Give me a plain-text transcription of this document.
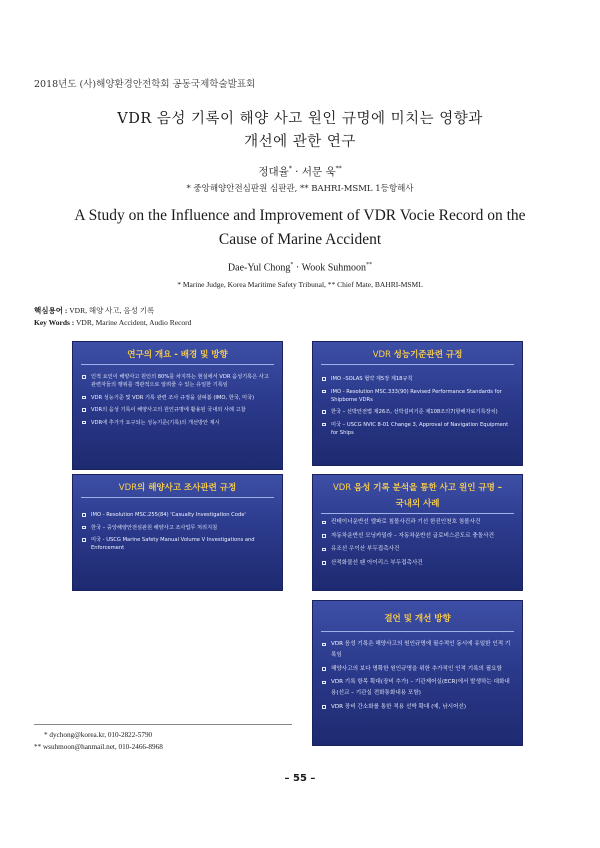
2018년도 (사)해양환경안전학회 공동국제학술발표회
VDR 음성 기록이 해양 사고 원인 규명에 미치는 영향과
개선에 관한 연구
정대율* · 서문 욱**
* 중앙해양안전심판원 심판관, ** BAHRI-MSML 1등항해사
A Study on the Influence and Improvement of VDR Vocie Record on the
Cause of Marine Accident
Dae-Yul Chong* · Wook Suhmoon**
* Marine Judge, Korea Maritime Safety Tribunal, ** Chief Mate, BAHRI-MSML
핵심용어 : VDR, 해양 사고, 음성 기록
Key Words : VDR, Marine Accident, Audio Record
연구의 개요 - 배경 및 방향
인적 요인이 해양사고 원인의 80%를 차지하는 현실에서 VDR 음성기록은 사고 관련자들의 행위를 객관적으로 알려줄 수 있는 유일한 기록임
VDR 성능기준 및 VDR 기록 관련 조사 규정을 살펴봄 (IMO, 한국, 미국)
VDR의 음성 기록이 해양사고의 원인규명에 활용된 국내외 사례 고찰
VDR에 추가가 요구되는 성능기준(기록)의 개선방안 제시
VDR 성능기준관련 규정
IMO –SOLAS 협약 제5장 제18규칙
IMO - Resolution MSC.333(90) Revised Performance Standards for Shipborne VDRs
한국 – 선박안전법 제26조, 선박설비기준 제108조의7(항해자료기록장치)
미국 – USCG NVIC 8-01 Change 3, Approval of Navigation Equipment for Ships
VDR의 해양사고 조사관련 규정
IMO - Resolution MSC.255(84) 'Casualty Investigation Code'
한국 – 중앙해양안전심판원 해양사고 조사업무 처리지침
미국 - USCG Marine Safety Manual Volume V Investigations and Enforcement
VDR 음성 기록 분석을 통한 사고 원인 규명 –
국내외 사례
컨테이너운반선 엘파로 침몰사건과 기선 한진인천호 침몰사건
자동차운반선 모닝카밀라 – 자동차운반선 글로비스콘도르 충돌사건
유조선 우이산 부두접촉사건
산적화물선 팬 아이리스 부두접촉사건
결언 및 개선 방향
VDR 음성 기록은 해양사고의 원인규명에 필수적인 동시에 유일한 인적 기록임
해양사고의 보다 명확한 원인규명을 위한 추가적인 인적 기록의 필요함
VDR 기록 항목 확대(장비 추가) – 기관제어실(ECR)에서 발생하는 대화내용(선교 – 기관실 전화통화내용 포함)
VDR 장비 간소화를 통한 적용 선박 확대 (예, 낚시어선)
* dychong@korea.kr, 010-2822-5790
** wsuhmoon@hanmail.net, 010-2466-8968
– 55 –
